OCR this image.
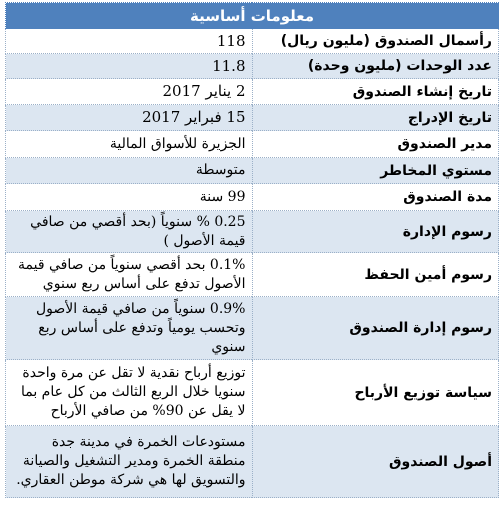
معلومات أساسية	
رأسمال الصندوق (مليون ريال)	118
عدد الوحدات (مليون وحدة)	11.8
تاريخ إنشاء الصندوق	2 يناير 2017
تاريخ الإدراج	15 فبراير 2017
مدير الصندوق	الجزيرة للأسواق المالية
مستوي المخاطر	متوسطة
مدة الصندوق	99 سنة
رسوم الإدارة	0.25 % سنوياً (بحد أقصي من صافي قيمة الأصول )
رسوم أمين الحفظ	0.1% بحد أقصي سنوياً من صافي قيمة الأصول تدفع على أساس ربع سنوي
رسوم إدارة الصندوق	0.9% سنوياً من صافي قيمة الأصول وتحسب يومياً وتدفع على أساس ربع سنوي
سياسة توزيع الأرباح	توزيع أرباح نقدية لا تقل عن مرة واحدة سنويا خلال الربع الثالث من كل عام بما لا يقل عن 90% من صافي الأرباح
أصول الصندوق	مستودعات الخمرة في مدينة جدة منطقة الخمرة ومدير التشغيل والصيانة والتسويق لها هي شركة موطن العقاري.
